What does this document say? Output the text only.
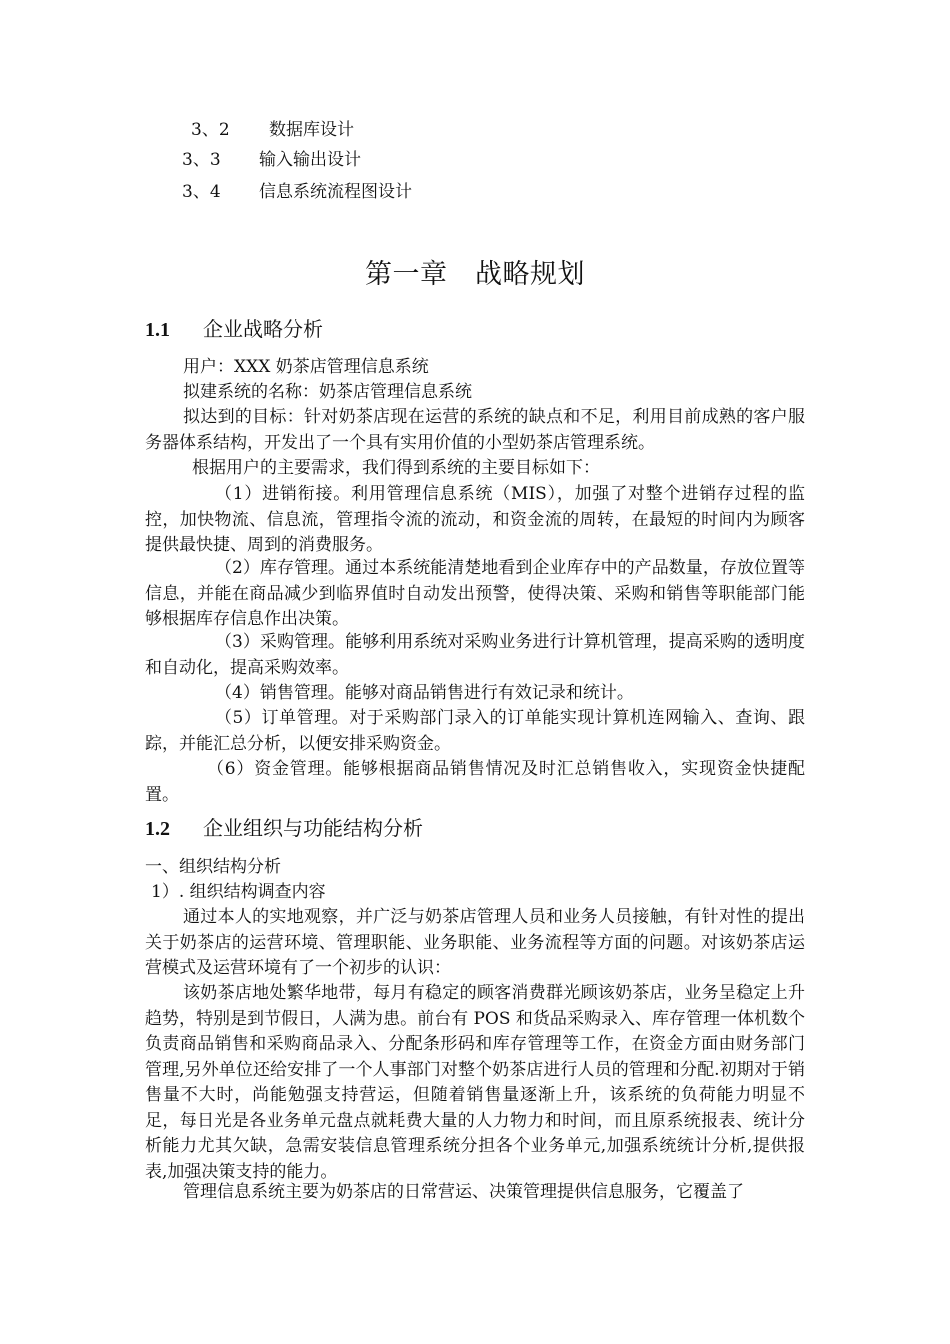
3、2 数据库设计
3、3 输入输出设计
3、4 信息系统流程图设计
第一章　战略规划
1.1 企业战略分析
用户：XXX 奶茶店管理信息系统
拟建系统的名称：奶茶店管理信息系统

拟达到的目标：针对奶茶店现在运营的系统的缺点和不足，利用目前成熟的客户服务器体系结构，开发出了一个具有实用价值的小型奶茶店管理系统。

根据用户的主要需求，我们得到系统的主要目标如下：

（1）进销衔接。利用管理信息系统（MIS），加强了对整个进销存过程的监控，加快物流、信息流，管理指令流的流动，和资金流的周转，在最短的时间内为顾客提供最快捷、周到的消费服务。

（2）库存管理。通过本系统能清楚地看到企业库存中的产品数量，存放位置等信息，并能在商品减少到临界值时自动发出预警，使得决策、采购和销售等职能部门能够根据库存信息作出决策。

（3）采购管理。能够利用系统对采购业务进行计算机管理，提高采购的透明度和自动化，提高采购效率。

（4）销售管理。能够对商品销售进行有效记录和统计。

（5）订单管理。对于采购部门录入的订单能实现计算机连网输入、查询、跟踪，并能汇总分析，以便安排采购资金。

（6）资金管理。能够根据商品销售情况及时汇总销售收入，实现资金快捷配置。

1.2 企业组织与功能结构分析
一、组织结构分析
1）. 组织结构调查内容

通过本人的实地观察，并广泛与奶茶店管理人员和业务人员接触，有针对性的提出关于奶茶店的运营环境、管理职能、业务职能、业务流程等方面的问题。对该奶茶店运营模式及运营环境有了一个初步的认识：

该奶茶店地处繁华地带，每月有稳定的顾客消费群光顾该奶茶店，业务呈稳定上升趋势，特别是到节假日，人满为患。前台有 POS 和货品采购录入、库存管理一体机数个负责商品销售和采购商品录入、分配条形码和库存管理等工作，在资金方面由财务部门管理,另外单位还给安排了一个人事部门对整个奶茶店进行人员的管理和分配.初期对于销售量不大时，尚能勉强支持营运，但随着销售量逐渐上升，该系统的负荷能力明显不足，每日光是各业务单元盘点就耗费大量的人力物力和时间，而且原系统报表、统计分析能力尤其欠缺，急需安装信息管理系统分担各个业务单元,加强系统统计分析,提供报表,加强决策支持的能力。

管理信息系统主要为奶茶店的日常营运、决策管理提供信息服务，它覆盖了
